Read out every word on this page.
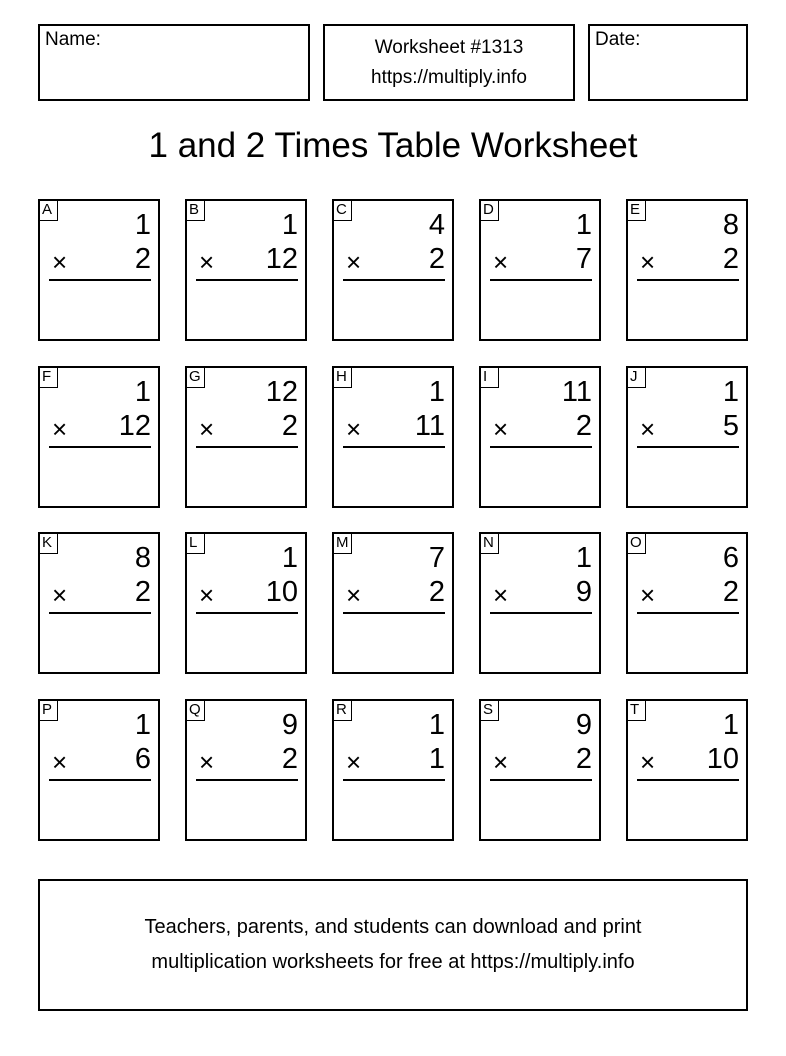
Name:	Worksheet #1313
https://multiply.info
Date:
1 and 2 Times Table Worksheet
A	1
× 2
B	1
× 12
C	4
× 2
D	1
× 7
E	8
× 2
F	1
× 12
G 12
× 2
H	1
× 11
I	11
× 2
J	1
× 5
K	8
× 2
L	1
× 10
M	7
× 2
N	1
× 9
O	6
× 2
P	1
× 6
Q	9
× 2
R	1
× 1
S	9
× 2
T	1
× 10
Teachers, parents, and students can download and print
multiplication worksheets for free at https://multiply.info
